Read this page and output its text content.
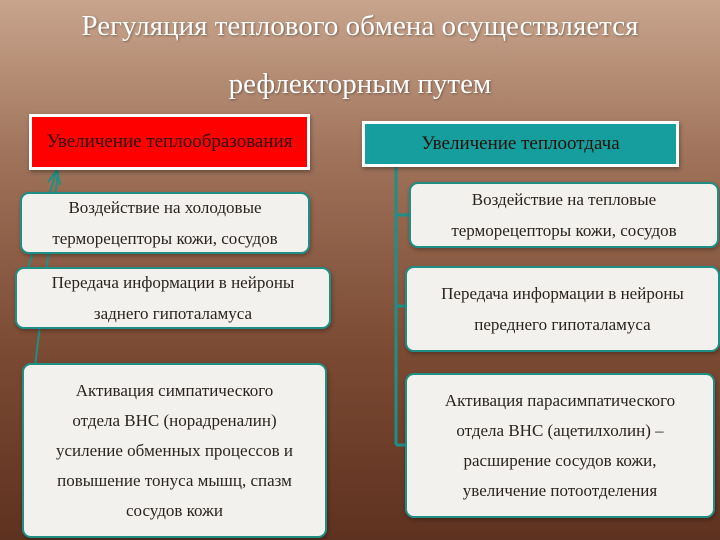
Регуляция теплового обмена осуществляется
рефлекторным путем
Увеличение теплообразования	Увеличение теплоотдача
Воздействие на холодовые
терморецепторы кожи, сосудов
Передача информации в нейроны
заднего гипоталамуса
Активация симпатического
отдела ВНС (норадреналин)
усиление обменных процессов и
повышение тонуса мышц, спазм
сосудов кожи
Воздействие на тепловые
терморецепторы кожи, сосудов
Передача информации в нейроны
переднего гипоталамуса
Активация парасимпатического
отдела ВНС (ацетилхолин) –
расширение сосудов кожи,
увеличение потоотделения
